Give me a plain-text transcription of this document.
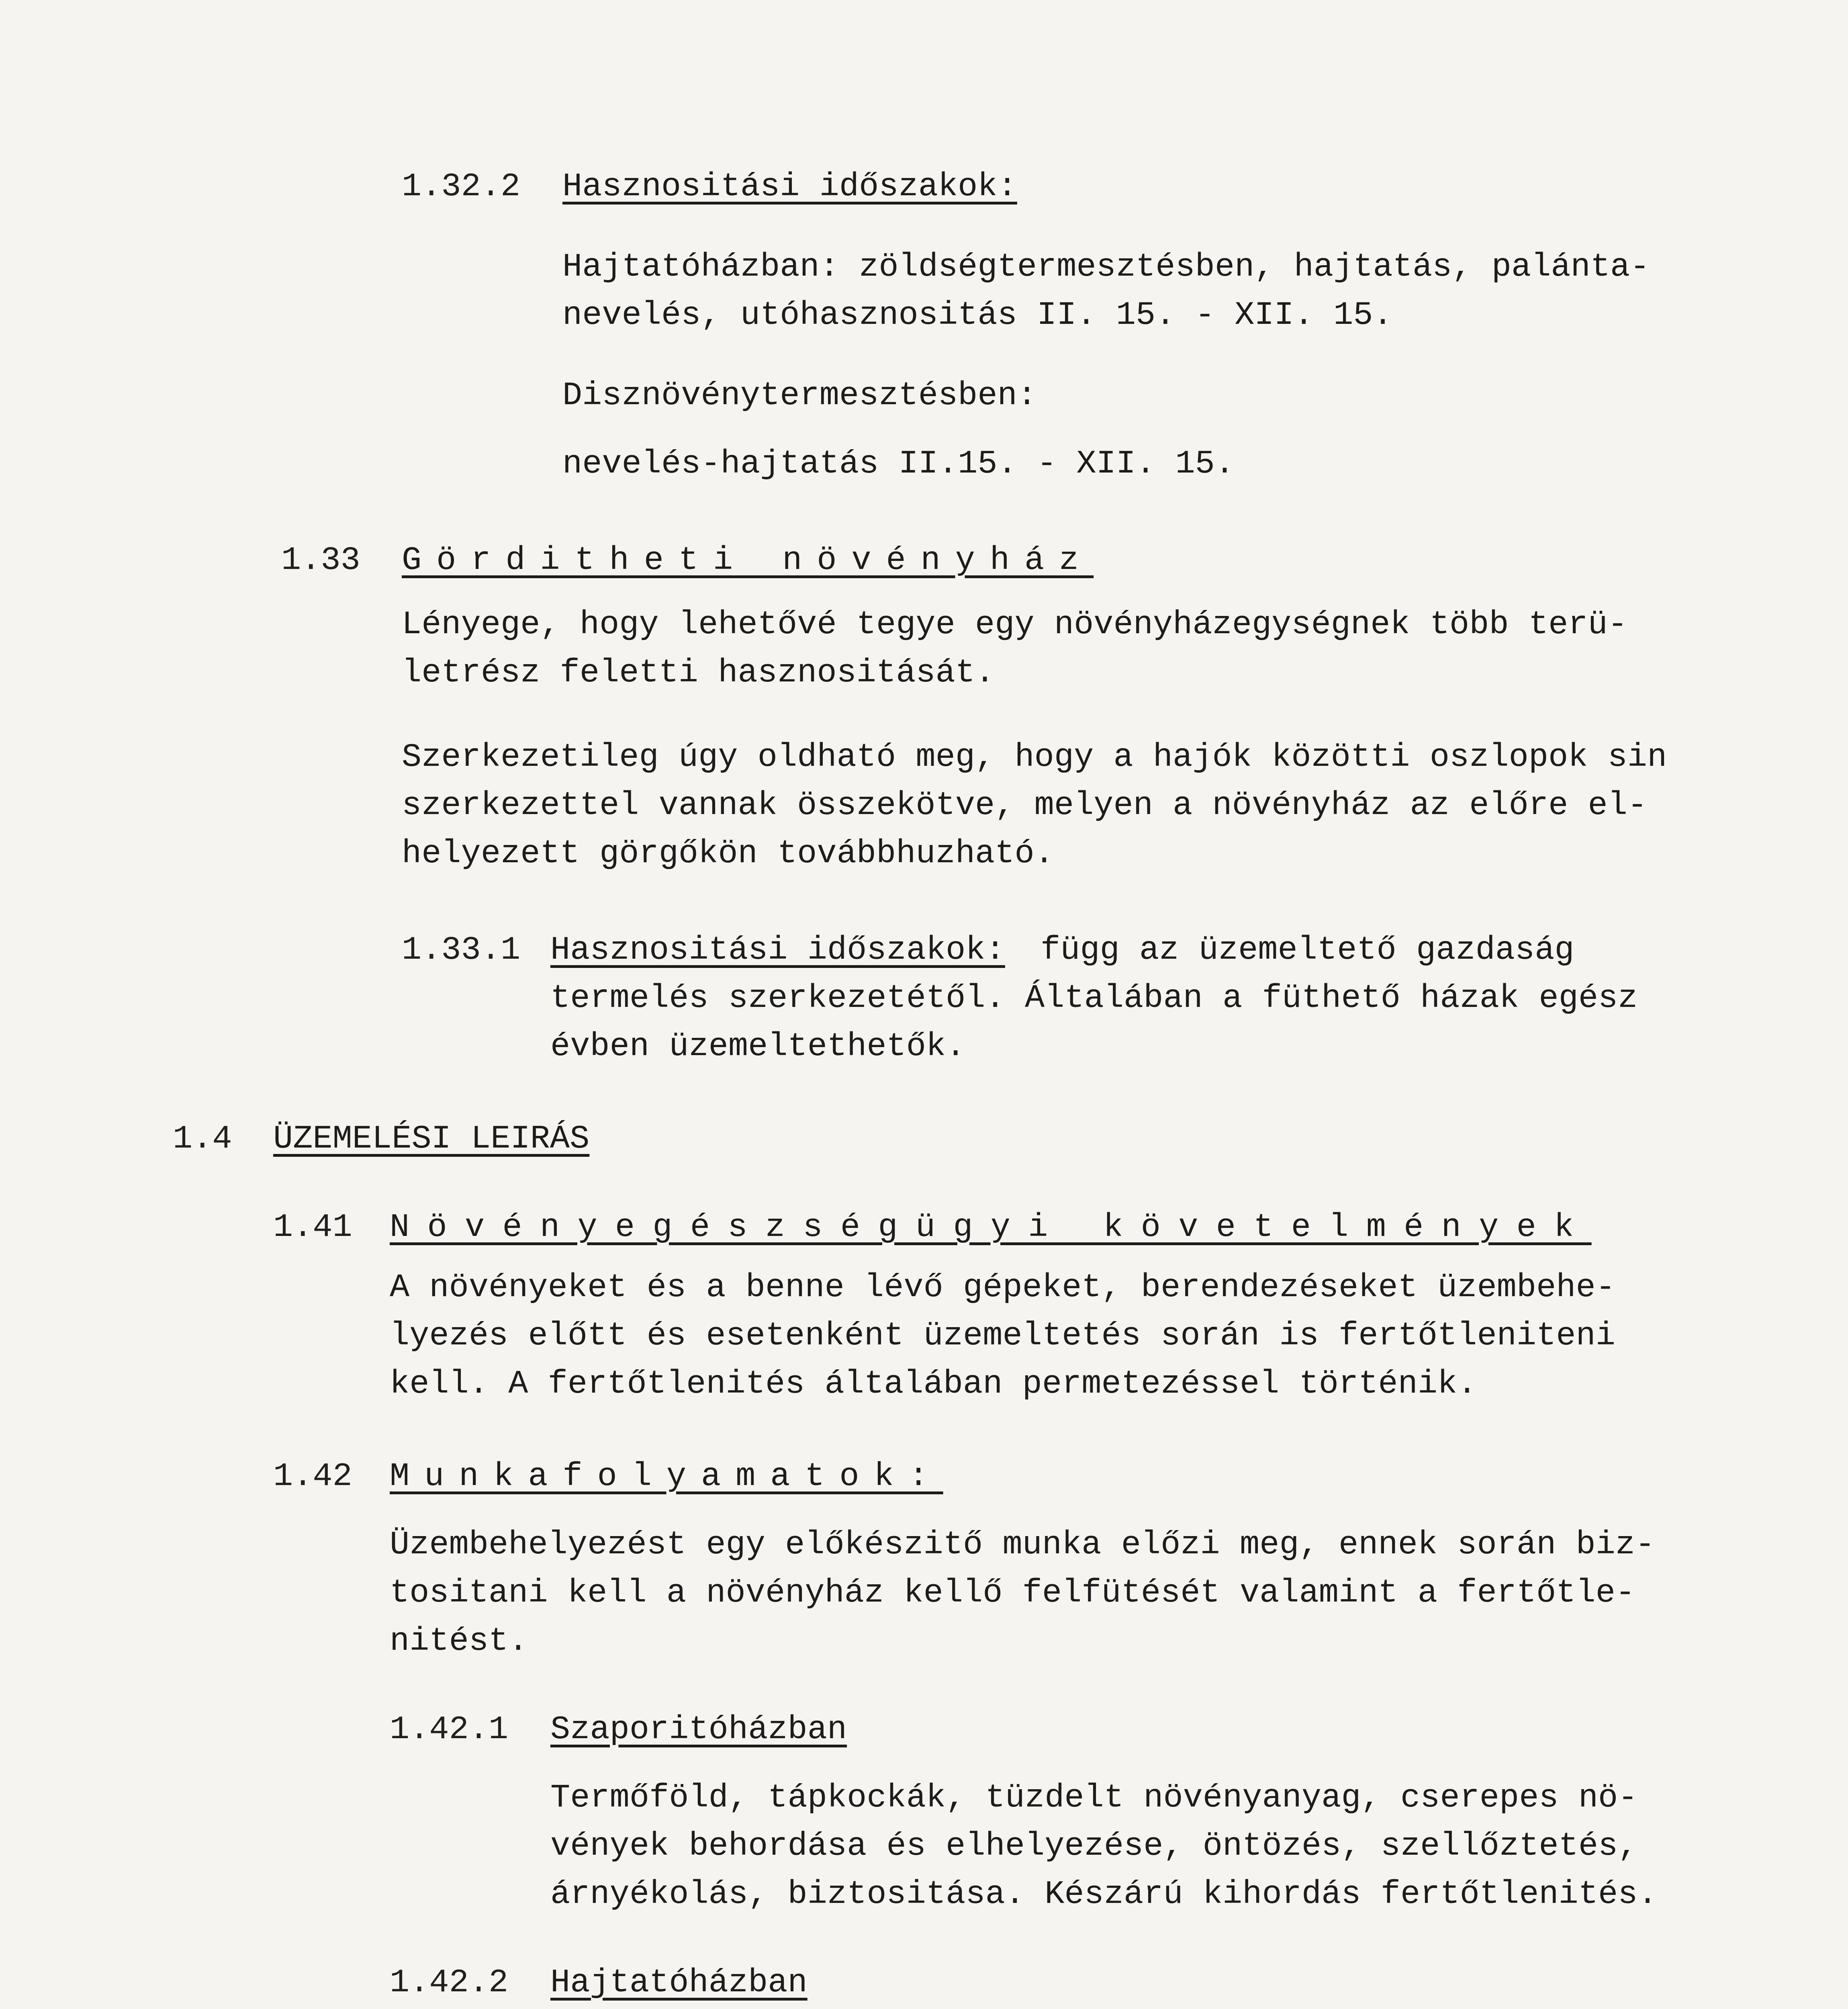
1.32.2 Hasznositási időszakok:
Hajtatóházban: zöldségtermesztésben, hajtatás, palánta-
nevelés, utóhasznositás II. 15. - XII. 15.
Disznövénytermesztésben:
nevelés-hajtatás II.15. - XII. 15.
1.33 Görditheti növényház
Lényege, hogy lehetővé tegye egy növényházegységnek több terü-
letrész feletti hasznositását.
Szerkezetileg úgy oldható meg, hogy a hajók közötti oszlopok sin
szerkezettel vannak összekötve, melyen a növényház az előre el-
helyezett görgőkön továbbhuzható.
1.33.1 Hasznositási időszakok: függ az üzemeltető gazdaság
termelés szerkezetétől. Általában a füthető házak egész
évben üzemeltethetők.
1.4 ÜZEMELÉSI LEIRÁS
1.41 Növényegészségügyi követelmények
A növényeket és a benne lévő gépeket, berendezéseket üzembehe-
lyezés előtt és esetenként üzemeltetés során is fertőtleniteni
kell. A fertőtlenités általában permetezéssel történik.
1.42 Munkafolyamatok:
Üzembehelyezést egy előkészitő munka előzi meg, ennek során biz-
tositani kell a növényház kellő felfütését valamint a fertőtle-
nitést.
1.42.1 Szaporitóházban
Termőföld, tápkockák, tüzdelt növényanyag, cserepes nö-
vények behordása és elhelyezése, öntözés, szellőztetés,
árnyékolás, biztositása. Készárú kihordás fertőtlenités.
1.42.2 Hajtatóházban
